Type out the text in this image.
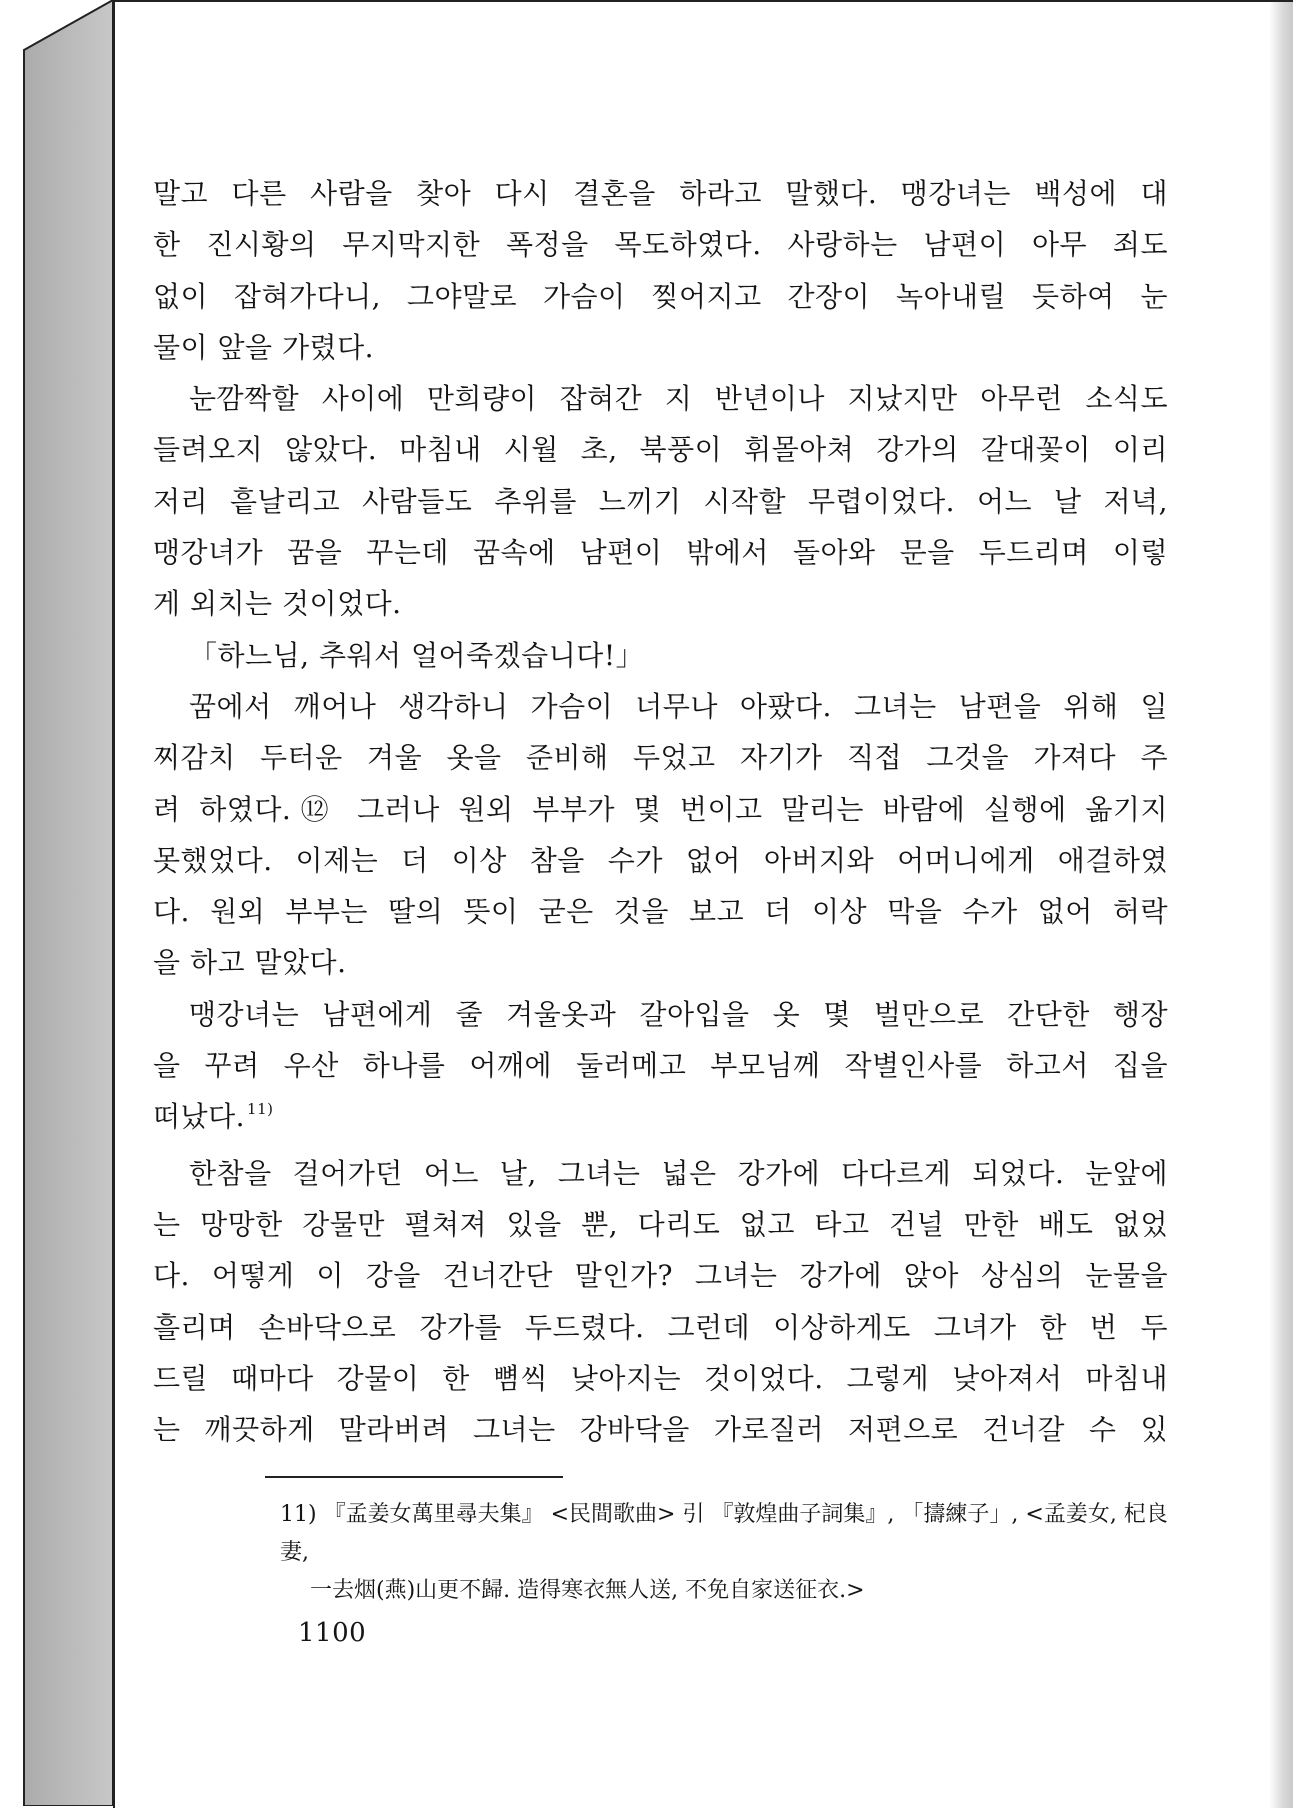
말고 다른 사람을 찾아 다시 결혼을 하라고 말했다. 맹강녀는 백성에 대

한 진시황의 무지막지한 폭정을 목도하였다. 사랑하는 남편이 아무 죄도

없이 잡혀가다니, 그야말로 가슴이 찢어지고 간장이 녹아내릴 듯하여 눈

물이 앞을 가렸다.

눈깜짝할 사이에 만희량이 잡혀간 지 반년이나 지났지만 아무런 소식도

들려오지 않았다. 마침내 시월 초, 북풍이 휘몰아쳐 강가의 갈대꽃이 이리

저리 흩날리고 사람들도 추위를 느끼기 시작할 무렵이었다. 어느 날 저녁,

맹강녀가 꿈을 꾸는데 꿈속에 남편이 밖에서 돌아와 문을 두드리며 이렇

게 외치는 것이었다.

「하느님, 추워서 얼어죽겠습니다!」

꿈에서 깨어나 생각하니 가슴이 너무나 아팠다. 그녀는 남편을 위해 일

찌감치 두터운 겨울 옷을 준비해 두었고 자기가 직접 그것을 가져다 주

려 하였다.⑫ 그러나 원외 부부가 몇 번이고 말리는 바람에 실행에 옮기지

못했었다. 이제는 더 이상 참을 수가 없어 아버지와 어머니에게 애걸하였

다. 원외 부부는 딸의 뜻이 굳은 것을 보고 더 이상 막을 수가 없어 허락

을 하고 말았다.

맹강녀는 남편에게 줄 겨울옷과 갈아입을 옷 몇 벌만으로 간단한 행장

을 꾸려 우산 하나를 어깨에 둘러메고 부모님께 작별인사를 하고서 집을

떠났다. $^{11)}$

한참을 걸어가던 어느 날, 그녀는 넓은 강가에 다다르게 되었다. 눈앞에

는 망망한 강물만 펼쳐져 있을 뿐, 다리도 없고 타고 건널 만한 배도 없었

다. 어떻게 이 강을 건너간단 말인가? 그녀는 강가에 앉아 상심의 눈물을

흘리며 손바닥으로 강가를 두드렸다. 그런데 이상하게도 그녀가 한 번 두

드릴 때마다 강물이 한 뼘씩 낮아지는 것이었다. 그렇게 낮아져서 마침내

는 깨끗하게 말라버려 그녀는 강바닥을 가로질러 저편으로 건너갈 수 있

11) 『孟姜女萬里尋夫集』 <民間歌曲> 引 『敦煌曲子詞集』, 「擣練子」, <孟姜女, 杞良妻,
一去烟(燕)山更不歸. 造得寒衣無人送, 不免自家送征衣.>
1100
